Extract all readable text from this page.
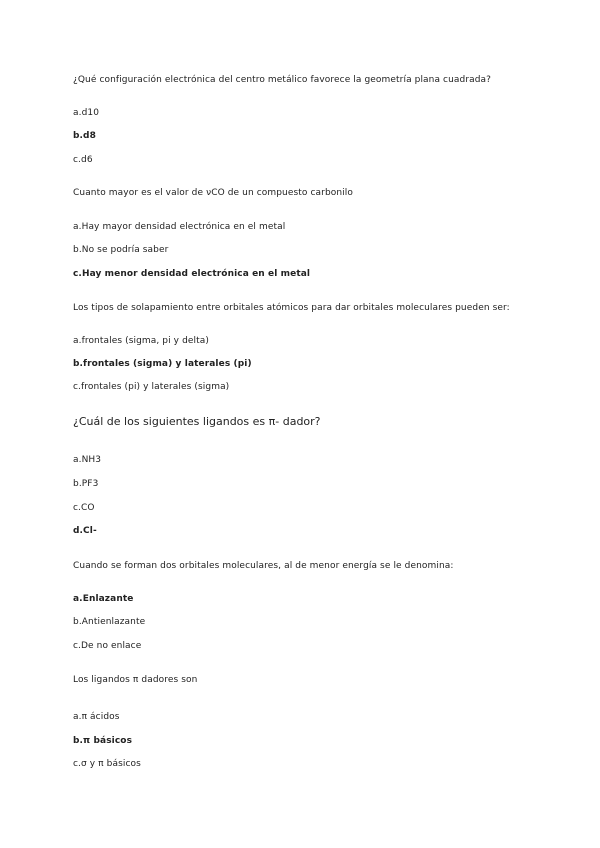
¿Qué configuración electrónica del centro metálico favorece la geometría plana cuadrada?
a.d10
b.d8
c.d6
Cuanto mayor es el valor de νCO de un compuesto carbonilo
a.Hay mayor densidad electrónica en el metal
b.No se podría saber
c.Hay menor densidad electrónica en el metal
Los tipos de solapamiento entre orbitales atómicos para dar orbitales moleculares pueden ser:
a.frontales (sigma, pi y delta)
b.frontales (sigma) y laterales (pi)
c.frontales (pi) y laterales (sigma)
¿Cuál de los siguientes ligandos es π- dador?
a.NH3
b.PF3
c.CO
d.Cl-
Cuando se forman dos orbitales moleculares, al de menor energía se le denomina:
a.Enlazante
b.Antienlazante
c.De no enlace
Los ligandos π dadores son
a.π ácidos
b.π básicos
c.σ y π básicos
